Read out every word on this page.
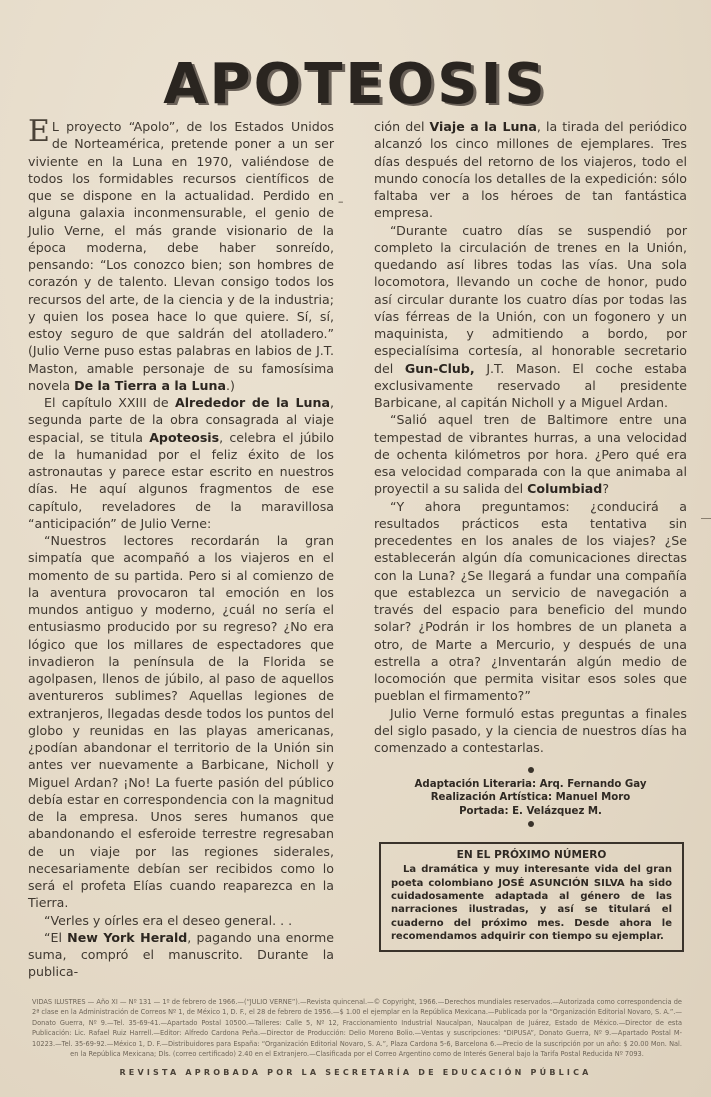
APOTEOSIS

E L proyecto “Apolo”, de los Estados Unidos de Norteamérica, pretende poner a un ser viviente en la Luna en 1970, valiéndose de todos los formidables recursos científicos de que se dispone en la actualidad. Perdido en alguna galaxia inconmensurable, el genio de Julio Verne, el más grande visionario de la época moderna, debe haber sonreído, pensando: “Los conozco bien; son hombres de corazón y de talento. Llevan consigo todos los recursos del arte, de la ciencia y de la industria; y quien los posea hace lo que quiere. Sí, sí, estoy seguro de que saldrán del atolladero.” (Julio Verne puso estas palabras en labios de J.T. Maston, amable personaje de su famosísima novela De la Tierra a la Luna.)

El capítulo XXIII de Alrededor de la Luna, segunda parte de la obra consagrada al viaje espacial, se titula Apoteosis, celebra el júbilo de la humanidad por el feliz éxito de los astronautas y parece estar escrito en nuestros días. He aquí algunos fragmentos de ese capítulo, reveladores de la maravillosa “anticipación” de Julio Verne:

“Nuestros lectores recordarán la gran simpatía que acompañó a los viajeros en el momento de su partida. Pero si al comienzo de la aventura provocaron tal emoción en los mundos antiguo y moderno, ¿cuál no sería el entusiasmo producido por su regreso? ¿No era lógico que los millares de espectadores que invadieron la península de la Florida se agolpasen, llenos de júbilo, al paso de aquellos aventureros sublimes? Aquellas legiones de extranjeros, llegadas desde todos los puntos del globo y reunidas en las playas americanas, ¿podían abandonar el territorio de la Unión sin antes ver nuevamente a Barbicane, Nicholl y Miguel Ardan? ¡No! La fuerte pasión del público debía estar en correspondencia con la magnitud de la empresa. Unos seres humanos que abandonando el esferoide terrestre regresaban de un viaje por las regiones siderales, necesariamente debían ser recibidos como lo será el profeta Elías cuando reaparezca en la Tierra.

“Verles y oírles era el deseo general. . .

“El New York Herald, pagando una enorme suma, compró el manuscrito. Durante la publica-

–

ción del Viaje a la Luna, la tirada del periódico alcanzó los cinco millones de ejemplares. Tres días después del retorno de los viajeros, todo el mundo conocía los detalles de la expedición: sólo faltaba ver a los héroes de tan fantástica empresa.

“Durante cuatro días se suspendió por completo la circulación de trenes en la Unión, quedando así libres todas las vías. Una sola locomotora, llevando un coche de honor, pudo así circular durante los cuatro días por todas las vías férreas de la Unión, con un fogonero y un maquinista, y admitiendo a bordo, por especialísima cortesía, al honorable secretario del Gun-Club, J.T. Mason. El coche estaba exclusivamente reservado al presidente Barbicane, al capitán Nicholl y a Miguel Ardan.

“Salió aquel tren de Baltimore entre una tempestad de vibrantes hurras, a una velocidad de ochenta kilómetros por hora. ¿Pero qué era esa velocidad comparada con la que animaba al proyectil a su salida del Columbiad?

“Y ahora preguntamos: ¿conducirá a resultados prácticos esta tentativa sin precedentes en los anales de los viajes? ¿Se establecerán algún día comunicaciones directas con la Luna? ¿Se llegará a fundar una compañía que establezca un servicio de navegación a través del espacio para beneficio del mundo solar? ¿Podrán ir los hombres de un planeta a otro, de Marte a Mercurio, y después de una estrella a otra? ¿Inventarán algún medio de locomoción que permita visitar esos soles que pueblan el firmamento?”

Julio Verne formuló estas preguntas a finales del siglo pasado, y la ciencia de nuestros días ha comenzado a contestarlas.

Adaptación Literaria: Arq. Fernando Gay
Realización Artística: Manuel Moro
Portada: E. Velázquez M.
EN EL PRÓXIMO NÚMERO
La dramática y muy interesante vida del gran poeta colombiano JOSÉ ASUNCIÓN SILVA ha sido cuidadosamente adaptada al género de las narraciones ilustradas, y así se titulará el cuaderno del próximo mes. Desde ahora le recomendamos adquirir con tiempo su ejemplar.
VIDAS ILUSTRES — Año XI — Nº 131 — 1º de febrero de 1966.—(“JULIO VERNE”).—Revista quincenal.—© Copyright, 1966.—Derechos mundiales reservados.—Autorizada como correspondencia de 2ª clase en la Administración de Correos Nº 1, de México 1, D. F., el 28 de febrero de 1956.—$ 1.00 el ejemplar en la República Mexicana.—Publicada por la “Organización Editorial Novaro, S. A.”.—Donato Guerra, Nº 9.—Tel. 35-69-41.—Apartado Postal 10500.—Talleres: Calle 5, Nº 12, Fraccionamiento Industrial Naucalpan, Naucalpan de Juárez, Estado de México.—Director de esta Publicación: Lic. Rafael Ruiz Harrell.—Editor: Alfredo Cardona Peña.—Director de Producción: Delio Moreno Bolio.—Ventas y suscripciones: “DIPUSA”, Donato Guerra, Nº 9.—Apartado Postal M-10223.—Tel. 35-69-92.—México 1, D. F.—Distribuidores para España: “Organización Editorial Novaro, S. A.”, Plaza Cardona 5-6, Barcelona 6.—Precio de la suscripción por un año: $ 20.00 Mon. Nal. en la República Mexicana; Dls. (correo certificado) 2.40 en el Extranjero.—Clasificada por el Correo Argentino como de Interés General bajo la Tarifa Postal Reducida Nº 7093.
REVISTA APROBADA POR LA SECRETARÍA DE EDUCACIÓN PÚBLICA
